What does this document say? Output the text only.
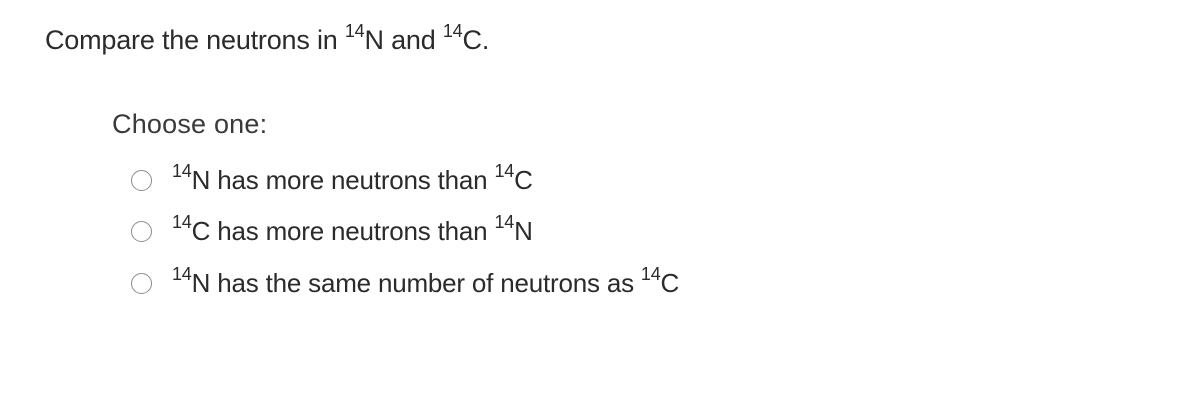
Compare the neutrons in $^{14}$N and $^{14}$C.
Choose one:
$^{14}$N has more neutrons than $^{14}$C
$^{14}$C has more neutrons than $^{14}$N
$^{14}$N has the same number of neutrons as $^{14}$C
